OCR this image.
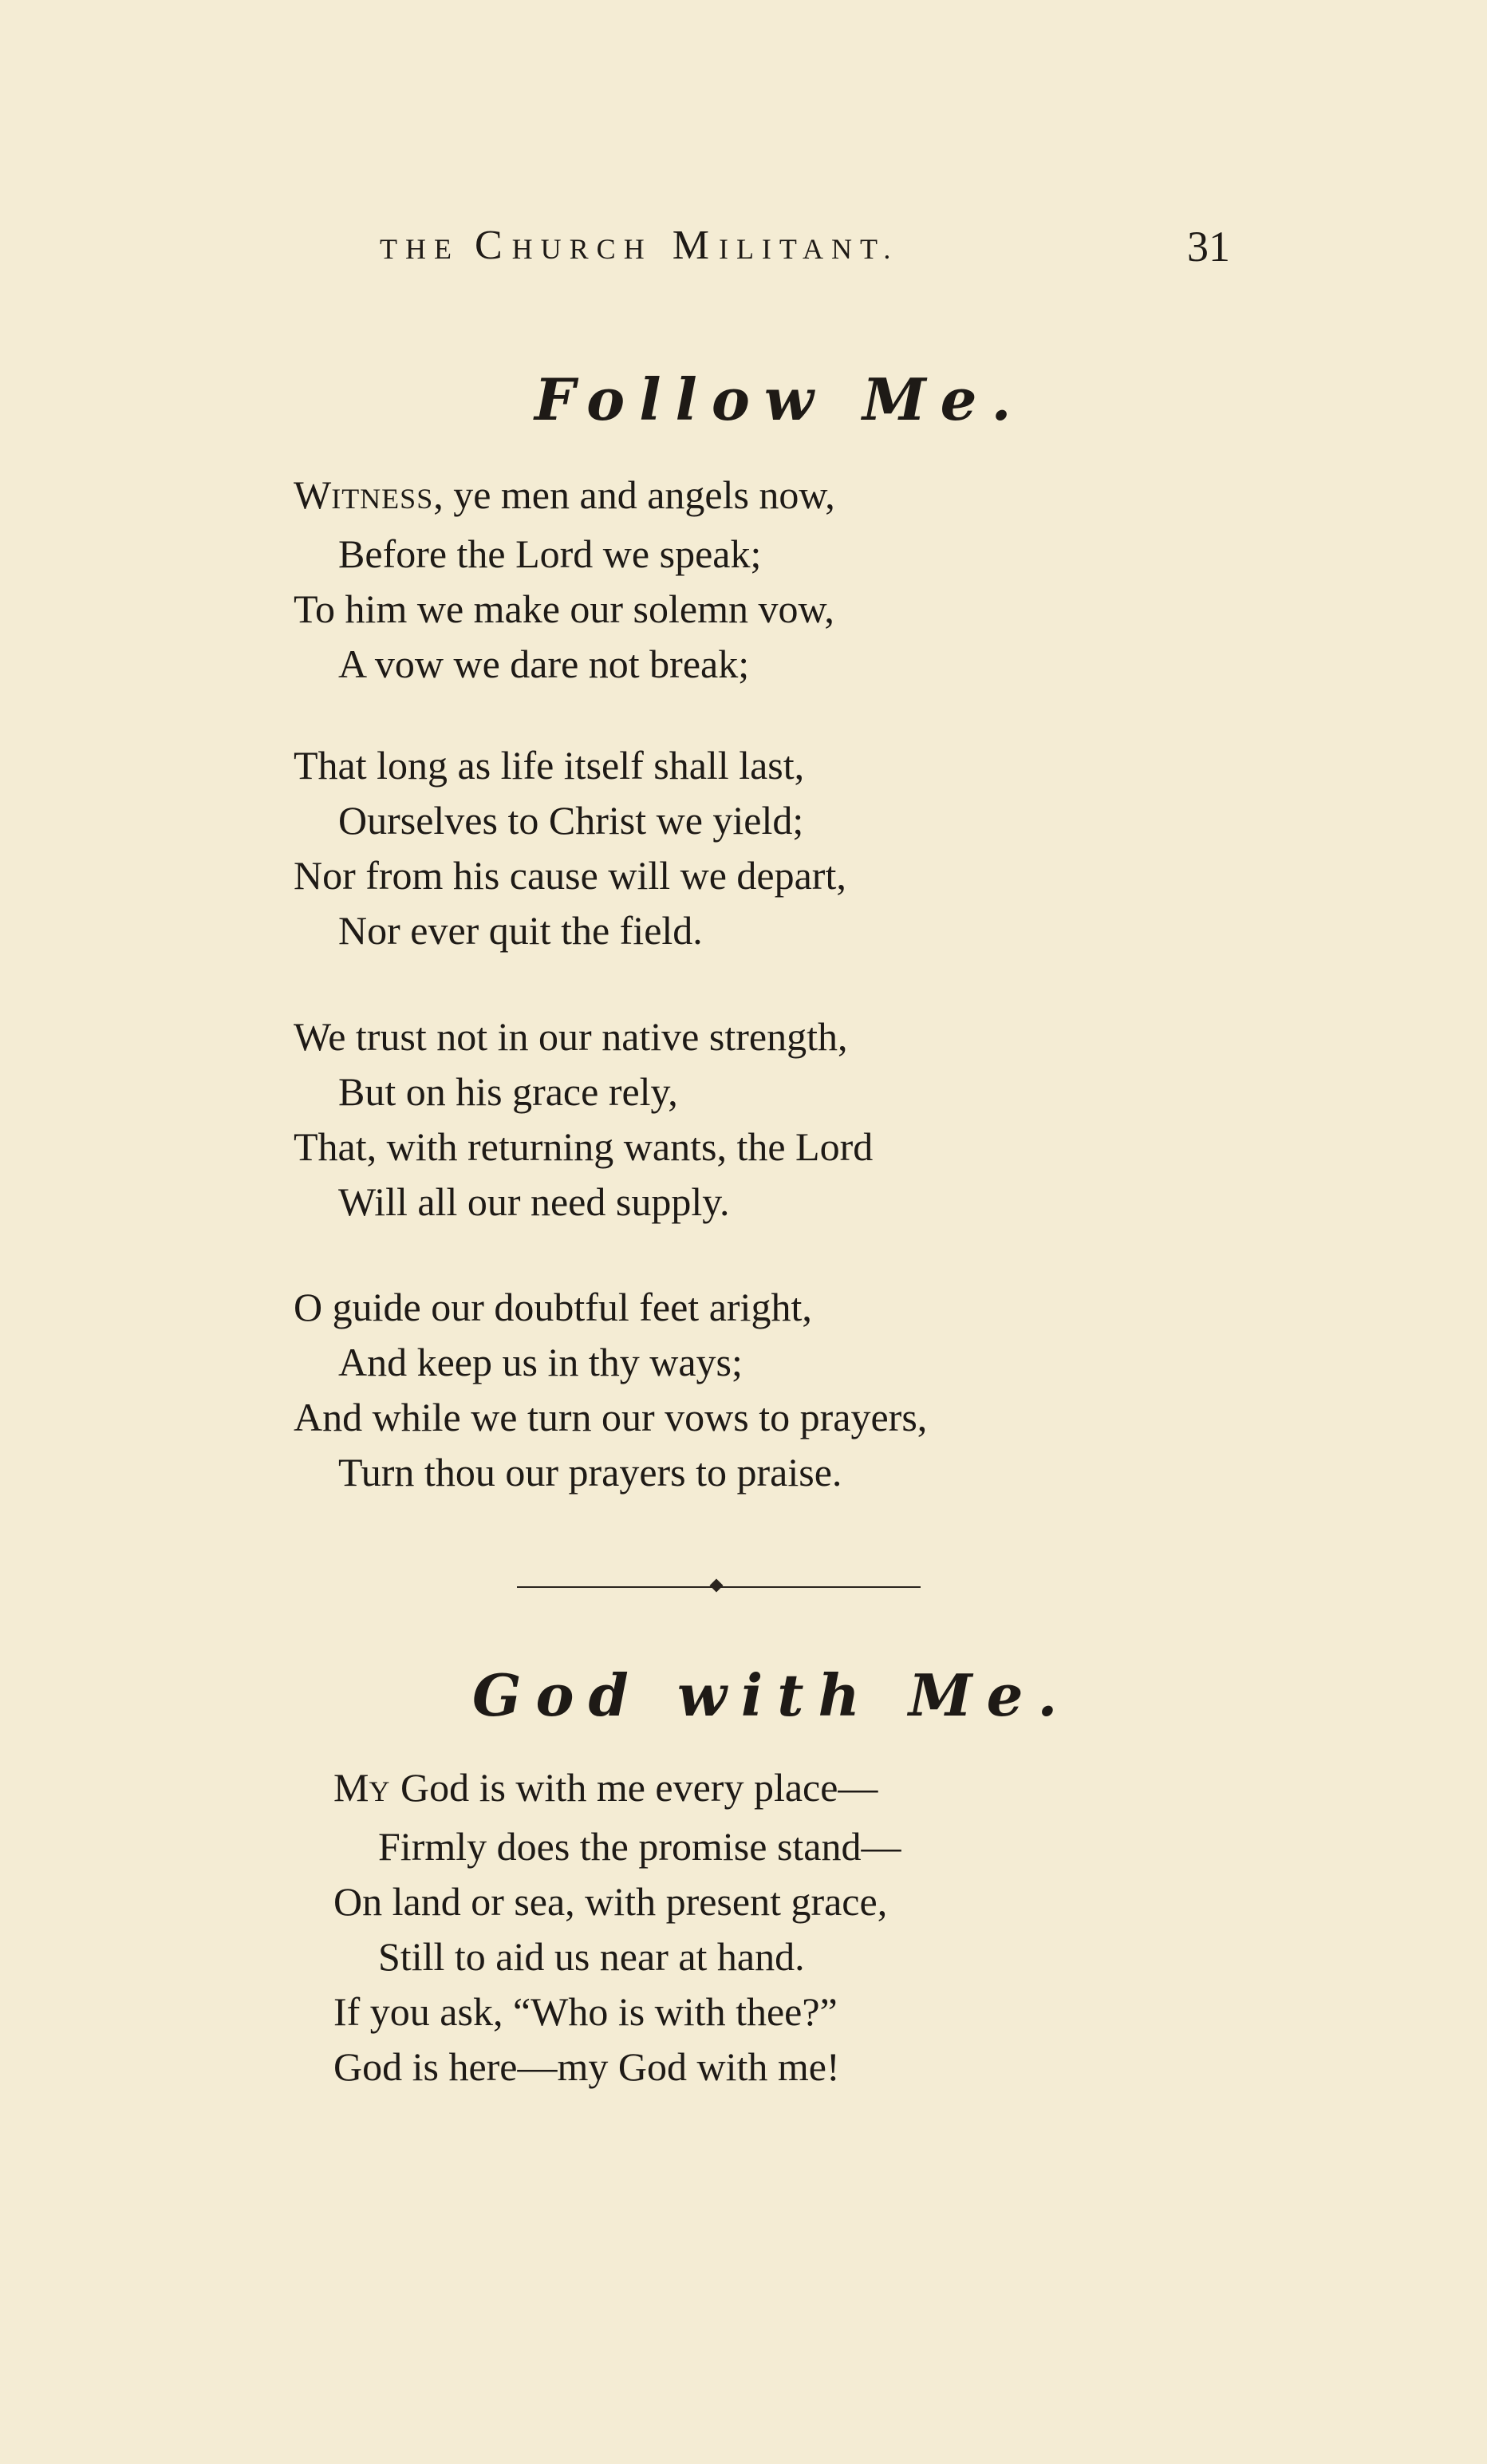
THE CHURCH MILITANT.	31
Follow Me.
WITNESS, ye men and angels now,
Before the Lord we speak;
To him we make our solemn vow,
A vow we dare not break;
That long as life itself shall last,
Ourselves to Christ we yield;
Nor from his cause will we depart,
Nor ever quit the field.
We trust not in our native strength,
But on his grace rely,
That, with returning wants, the Lord
Will all our need supply.
O guide our doubtful feet aright,
And keep us in thy ways;
And while we turn our vows to prayers,
Turn thou our prayers to praise.
God with Me.
MY God is with me every place—
Firmly does the promise stand—
On land or sea, with present grace,
Still to aid us near at hand.
If you ask, “Who is with thee?”
God is here—my God with me!
